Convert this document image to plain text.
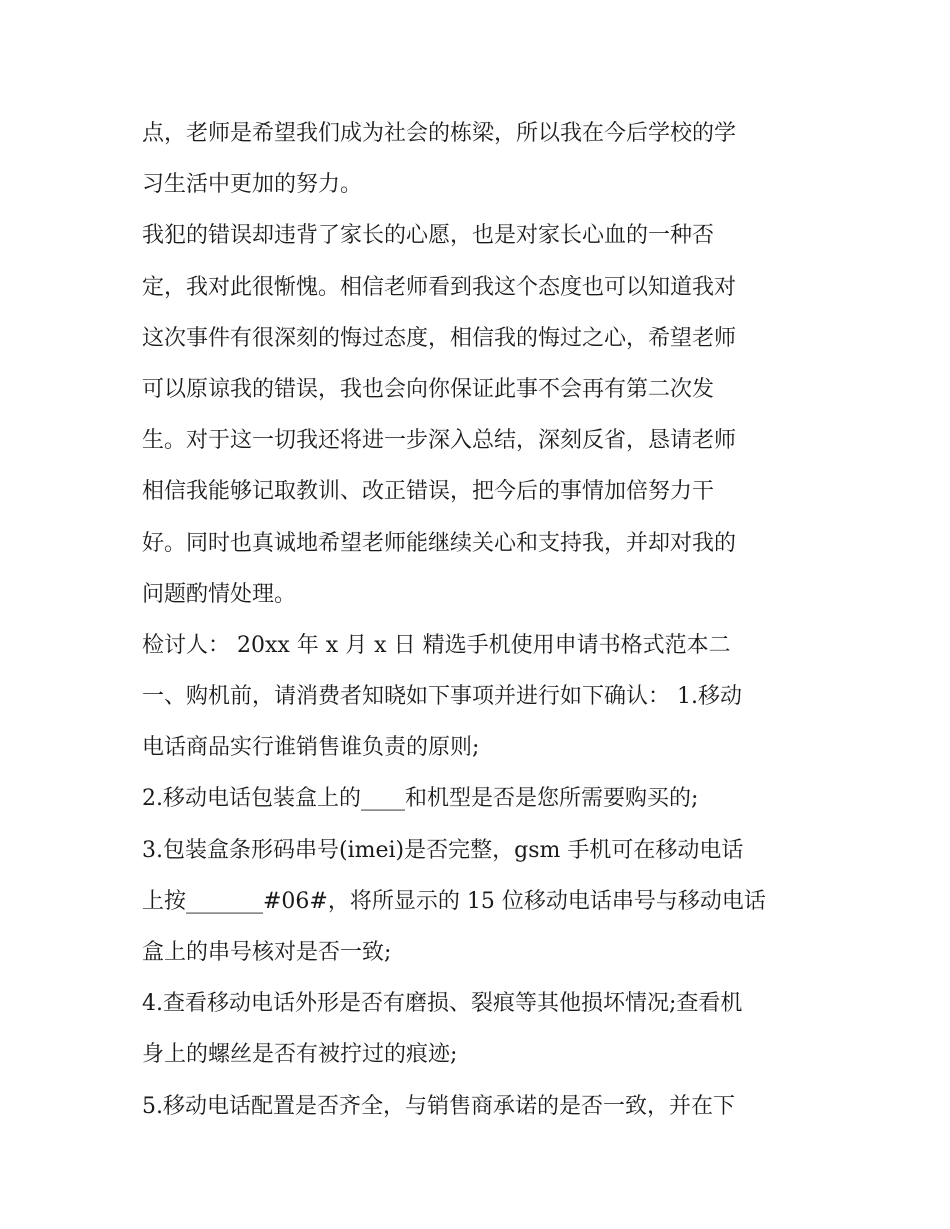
点，老师是希望我们成为社会的栋梁，所以我在今后学校的学
习生活中更加的努力。
我犯的错误却违背了家长的心愿，也是对家长心血的一种否
定，我对此很惭愧。相信老师看到我这个态度也可以知道我对
这次事件有很深刻的悔过态度，相信我的悔过之心，希望老师
可以原谅我的错误，我也会向你保证此事不会再有第二次发
生。对于这一切我还将进一步深入总结，深刻反省，恳请老师
相信我能够记取教训、改正错误，把今后的事情加倍努力干
好。同时也真诚地希望老师能继续关心和支持我，并却对我的
问题酌情处理。
检讨人： 20xx 年 x 月 x 日 精选手机使用申请书格式范本二
一、购机前，请消费者知晓如下事项并进行如下确认： 1.移动
电话商品实行谁销售谁负责的原则;
2.移动电话包装盒上的____和机型是否是您所需要购买的;
3.包装盒条形码串号(imei)是否完整，gsm 手机可在移动电话
上按_______#06#，将所显示的 15 位移动电话串号与移动电话
盒上的串号核对是否一致;
4.查看移动电话外形是否有磨损、裂痕等其他损坏情况;查看机
身上的螺丝是否有被拧过的痕迹;
5.移动电话配置是否齐全，与销售商承诺的是否一致，并在下
